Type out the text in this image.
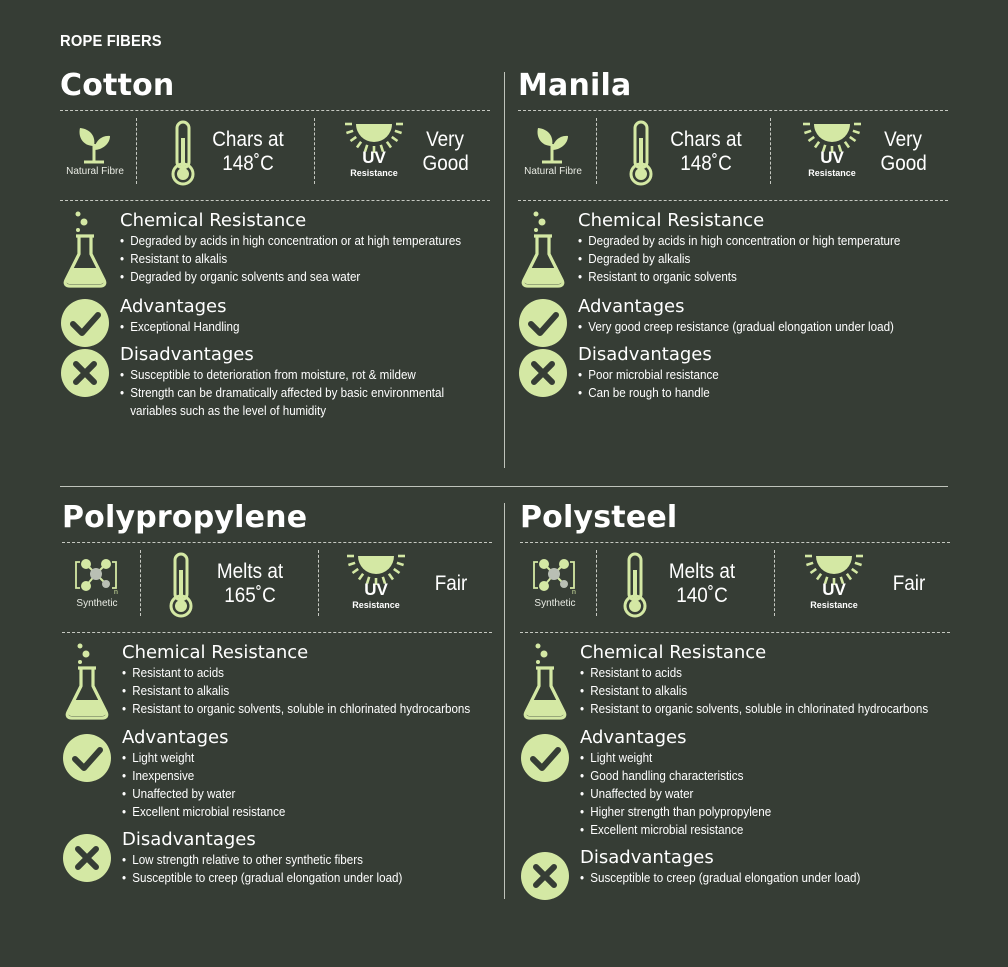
ROPE FIBERS
Cotton
Natural Fibre
Chars at
148˚C	UV
Resistance
Very
Good
Chemical Resistance
• Degraded by acids in high concentration or at high temperatures
• Resistant to alkalis
• Degraded by organic solvents and sea water
Advantages
• Exceptional Handling
Disadvantages
• Susceptible to deterioration from moisture, rot & mildew
• Strength can be dramatically affected by basic environmental
variables such as the level of humidity
Manila
Natural Fibre
Chars at
148˚C	UV
Resistance
Very
Good
Chemical Resistance
• Degraded by acids in high concentration or high temperature
• Degraded by alkalis
• Resistant to organic solvents
Advantages
• Very good creep resistance (gradual elongation under load)
Disadvantages
• Poor microbial resistance
• Can be rough to handle
Polypropylene
n
Synthetic
Melts at
165˚C	UV
Resistance
Fair
Chemical Resistance
• Resistant to acids
• Resistant to alkalis
• Resistant to organic solvents, soluble in chlorinated hydrocarbons
Advantages
• Light weight
• Inexpensive
• Unaffected by water
• Excellent microbial resistance
Disadvantages
• Low strength relative to other synthetic fibers
• Susceptible to creep (gradual elongation under load)
Polysteel
n
Synthetic
Melts at
140˚C	UV
Resistance
Fair
Chemical Resistance
• Resistant to acids
• Resistant to alkalis
• Resistant to organic solvents, soluble in chlorinated hydrocarbons
Advantages
• Light weight
• Good handling characteristics
• Unaffected by water
• Higher strength than polypropylene
• Excellent microbial resistance
Disadvantages
• Susceptible to creep (gradual elongation under load)
